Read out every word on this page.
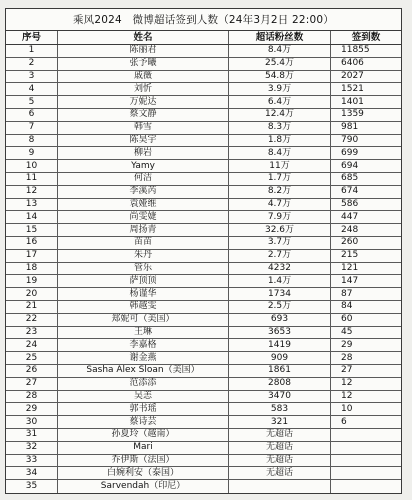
乘风2024　微博超话签到人数（24年3月2日 22:00）
序号	姓名	超话粉丝数	签到数
1	陈丽君	8.4万	11855
2	张予曦	25.4万	6406
3	戚薇	54.8万	2027
4	刘忻	3.9万	1521
5	万妮达	6.4万	1401
6	蔡文静	12.4万	1359
7	韩雪	8.3万	981
8	陈昊宇	1.8万	790
9	柳岩	8.4万	699
10	Yamy	11万	694
11	何洁	1.7万	685
12	李溪芮	8.2万	674
13	袁娅维	4.7万	586
14	尚雯婕	7.9万	447
15	周扬青	32.6万	248
16	苗苗	3.7万	260
17	朱丹	2.7万	215
18	管乐	4232	121
19	萨顶顶	1.4万	147
20	杨谨华	1734	87
21	韩越雯	2.5万	84
22	郑妮可（美国）	693	60
23	王琳	3653	45
24	李嘉格	1419	29
25	谢金燕	909	28
26	Sasha Alex Sloan（美国）	1861	27
27	范添添	2808	12
28	吴恙	3470	12
29	郭书瑶	583	10
30	蔡诗芸	321	6
31	孙夏玲（越南）	无超话
32	Mari	无超话
33	乔伊斯（法国）	无超话
34	白婉利安（泰国）	无超话
35	Sarvendah（印尼）
